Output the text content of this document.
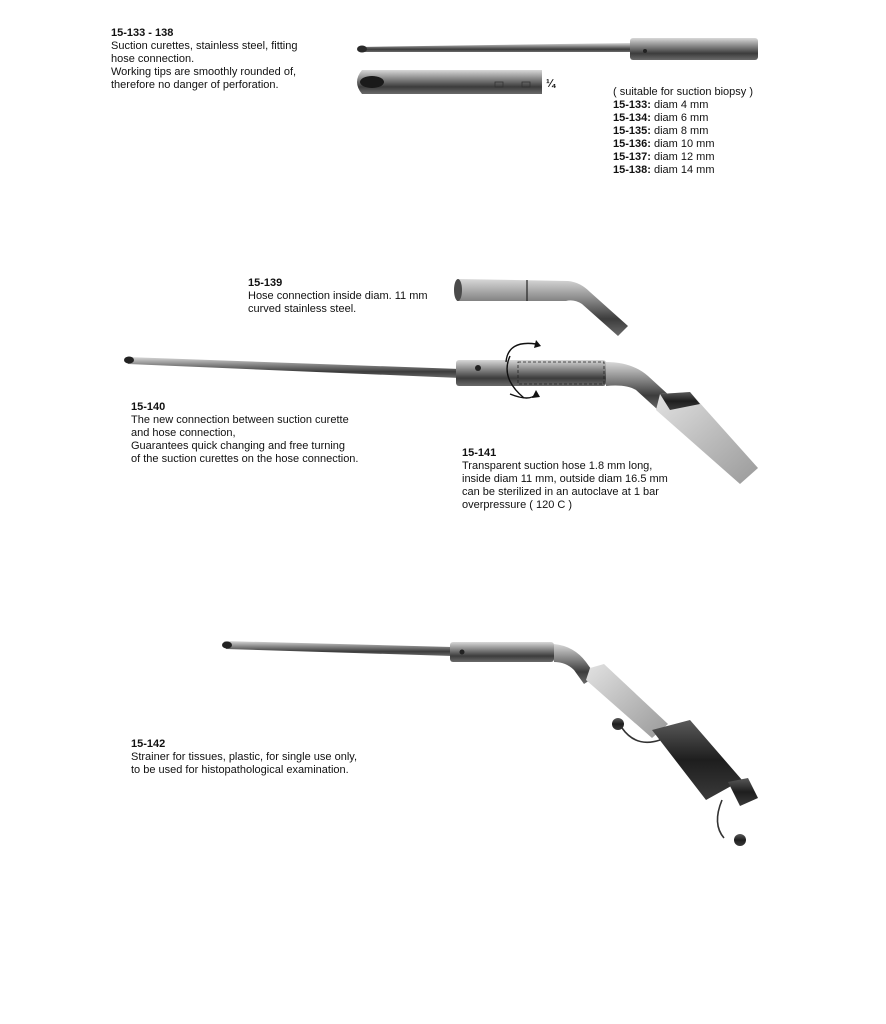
¼
15-133 - 138
Suction curettes, stainless steel, fitting
hose connection.
Working tips are smoothly rounded of,
therefore no danger of perforation.
( suitable for suction biopsy )
15-133: diam 4 mm
15-134: diam 6 mm
15-135: diam 8 mm
15-136: diam 10 mm
15-137: diam 12 mm
15-138: diam 14 mm
15-139
Hose connection inside diam. 11 mm
curved stainless steel.
15-140
The new connection between suction curette
and hose connection,
Guarantees quick changing and free turning
of the suction curettes on the hose connection.	15-141
Transparent suction hose 1.8 mm long,
inside diam 11 mm, outside diam 16.5 mm
can be sterilized in an autoclave at 1 bar
overpressure ( 120 C )
15-142
Strainer for tissues, plastic, for single use only,
to be used for histopathological examination.
